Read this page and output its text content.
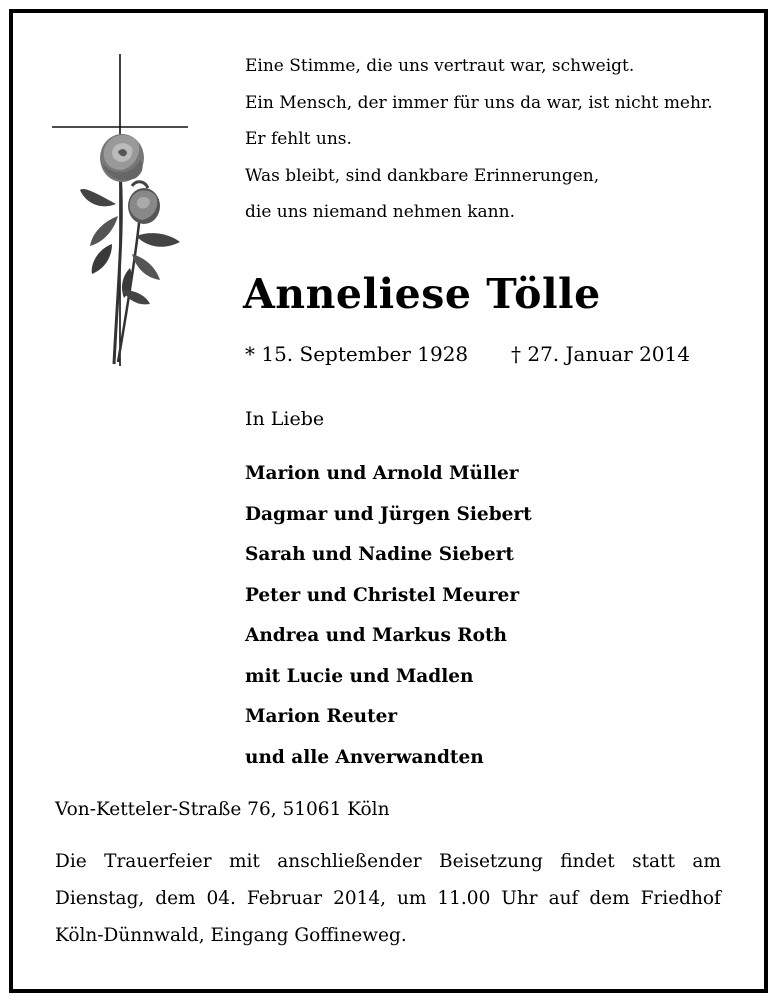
Eine Stimme, die uns vertraut war, schweigt.
Ein Mensch, der immer für uns da war, ist nicht mehr.
Er fehlt uns.
Was bleibt, sind dankbare Erinnerungen,
die uns niemand nehmen kann.
Anneliese Tölle
* 15. September 1928 † 27. Januar 2014
In Liebe
Marion und Arnold Müller
Dagmar und Jürgen Siebert
Sarah und Nadine Siebert
Peter und Christel Meurer
Andrea und Markus Roth
mit Lucie und Madlen
Marion Reuter
und alle Anverwandten
Von-Ketteler-Straße 76, 51061 Köln
Die Trauerfeier mit anschließender Beisetzung findet statt am
Dienstag, dem 04. Februar 2014, um 11.00 Uhr auf dem Friedhof
Köln-Dünnwald, Eingang Goffineweg.
